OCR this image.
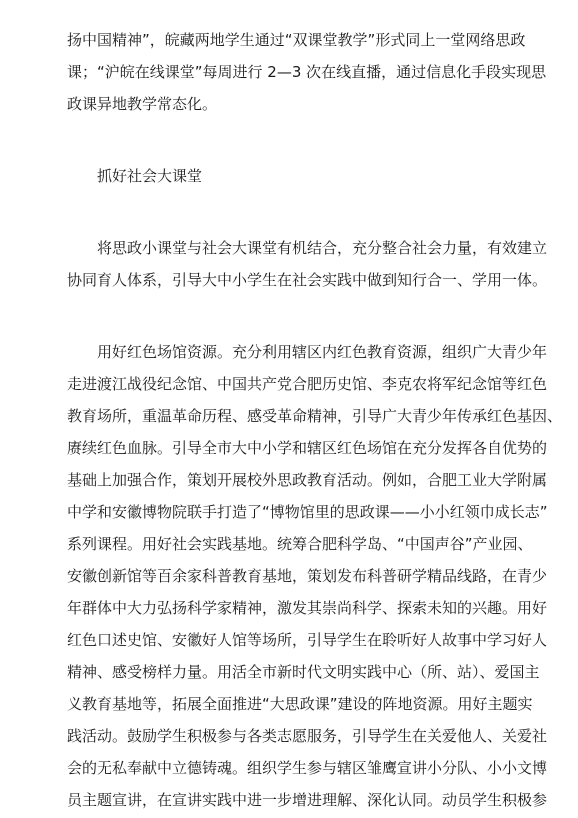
扬中国精神”，皖藏两地学生通过“双课堂教学”形式同上一堂网络思政
课；“沪皖在线课堂”每周进行 2—3 次在线直播，通过信息化手段实现思
政课异地教学常态化。
抓好社会大课堂
将思政小课堂与社会大课堂有机结合，充分整合社会力量，有效建立
协同育人体系，引导大中小学生在社会实践中做到知行合一、学用一体。
用好红色场馆资源。充分利用辖区内红色教育资源，组织广大青少年
走进渡江战役纪念馆、中国共产党合肥历史馆、李克农将军纪念馆等红色
教育场所，重温革命历程、感受革命精神，引导广大青少年传承红色基因、
赓续红色血脉。引导全市大中小学和辖区红色场馆在充分发挥各自优势的
基础上加强合作，策划开展校外思政教育活动。例如，合肥工业大学附属
中学和安徽博物院联手打造了“博物馆里的思政课——小小红领巾成长志”
系列课程。用好社会实践基地。统筹合肥科学岛、“中国声谷”产业园、
安徽创新馆等百余家科普教育基地，策划发布科普研学精品线路，在青少
年群体中大力弘扬科学家精神，激发其崇尚科学、探索未知的兴趣。用好
红色口述史馆、安徽好人馆等场所，引导学生在聆听好人故事中学习好人
精神、感受榜样力量。用活全市新时代文明实践中心（所、站）、爱国主
义教育基地等，拓展全面推进“大思政课”建设的阵地资源。用好主题实
践活动。鼓励学生积极参与各类志愿服务，引导学生在关爱他人、关爱社
会的无私奉献中立德铸魂。组织学生参与辖区雏鹰宣讲小分队、小小文博
员主题宣讲，在宣讲实践中进一步增进理解、深化认同。动员学生积极参
